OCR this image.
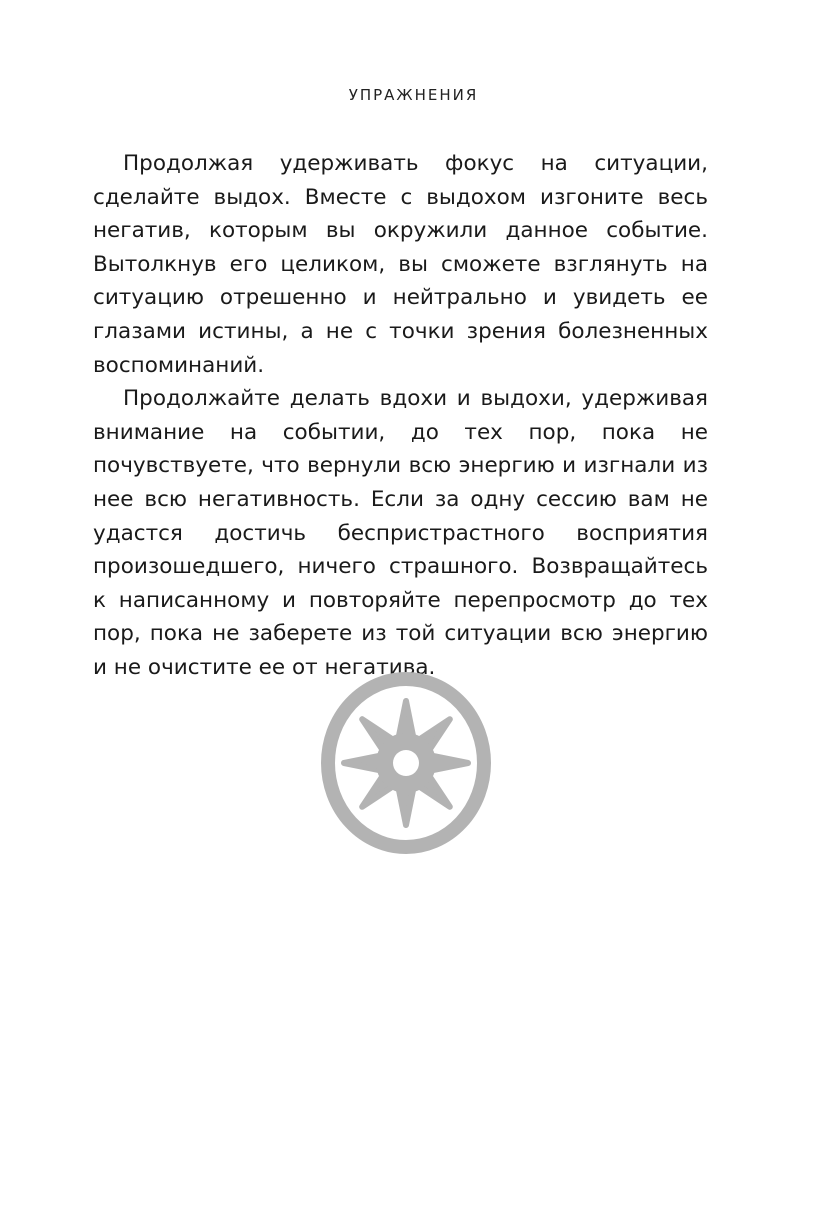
УПРАЖНЕНИЯ

Продолжая удерживать фокус на ситуации, сделайте выдох. Вместе с выдохом изгоните весь негатив, которым вы окружили данное событие. Вытолкнув его целиком, вы сможете взглянуть на ситуацию отрешенно и нейтрально и увидеть ее глазами истины, а не с точки зрения болезненных воспоминаний.

Продолжайте делать вдохи и выдохи, удерживая внимание на событии, до тех пор, пока не почувствуете, что вернули всю энергию и изгнали из нее всю негативность. Если за одну сессию вам не удастся достичь беспристрастного восприятия произошедшего, ничего страшного. Возвращайтесь к написанному и повторяйте перепросмотр до тех пор, пока не заберете из той ситуации всю энергию и не очистите ее от негатива.
